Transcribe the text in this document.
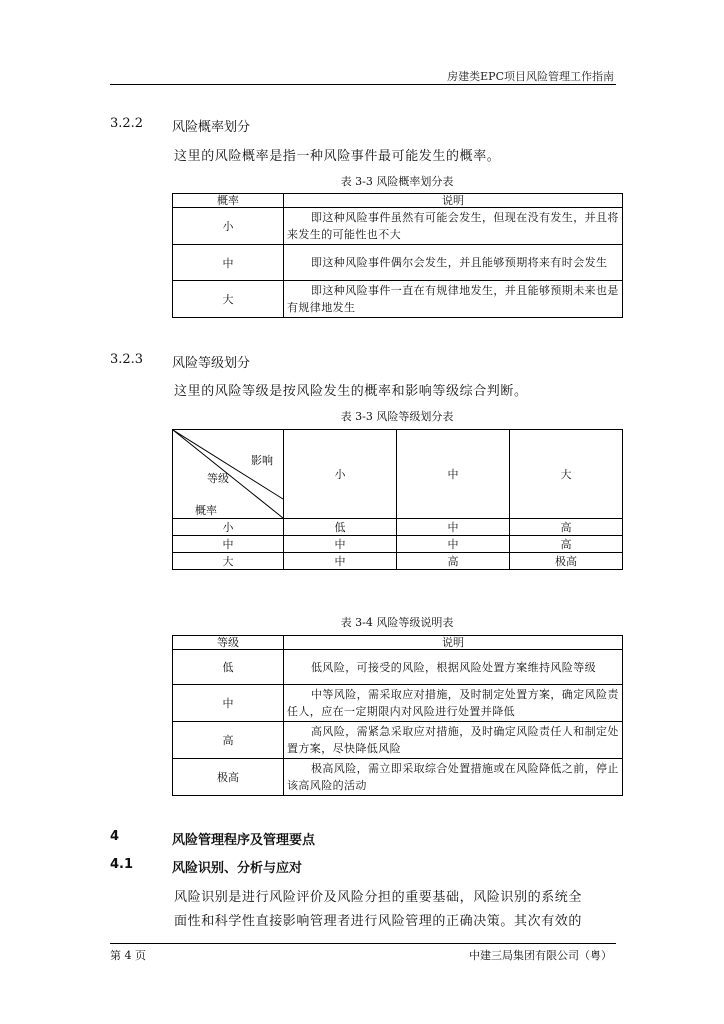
房建类EPC项目风险管理工作指南
3.2.2 风险概率划分
这里的风险概率是指一种风险事件最可能发生的概率。
表 3-3 风险概率划分表
概率	说明
小	即这种风险事件虽然有可能会发生，但现在没有发生，并且将来发生的可能性也不大
中	即这种风险事件偶尔会发生，并且能够预期将来有时会发生
大	即这种风险事件一直在有规律地发生，并且能够预期未来也是有规律地发生
3.2.3 风险等级划分
这里的风险等级是按风险发生的概率和影响等级综合判断。
表 3-3 风险等级划分表
影响
等级
概率	小	中	大
小	低	中	高
中	中	中	高
大	中	高	极高
表 3-4 风险等级说明表
等级	说明
低	低风险，可接受的风险，根据风险处置方案维持风险等级
中	中等风险，需采取应对措施，及时制定处置方案，确定风险责任人，应在一定期限内对风险进行处置并降低
高	高风险，需紧急采取应对措施，及时确定风险责任人和制定处置方案，尽快降低风险
极高	极高风险，需立即采取综合处置措施或在风险降低之前，停止该高风险的活动
4	风险管理程序及管理要点
4.1	风险识别、分析与应对
风险识别是进行风险评价及风险分担的重要基础，风险识别的系统全
面性和科学性直接影响管理者进行风险管理的正确决策。其次有效的
第 4 页	中建三局集团有限公司（粤）
